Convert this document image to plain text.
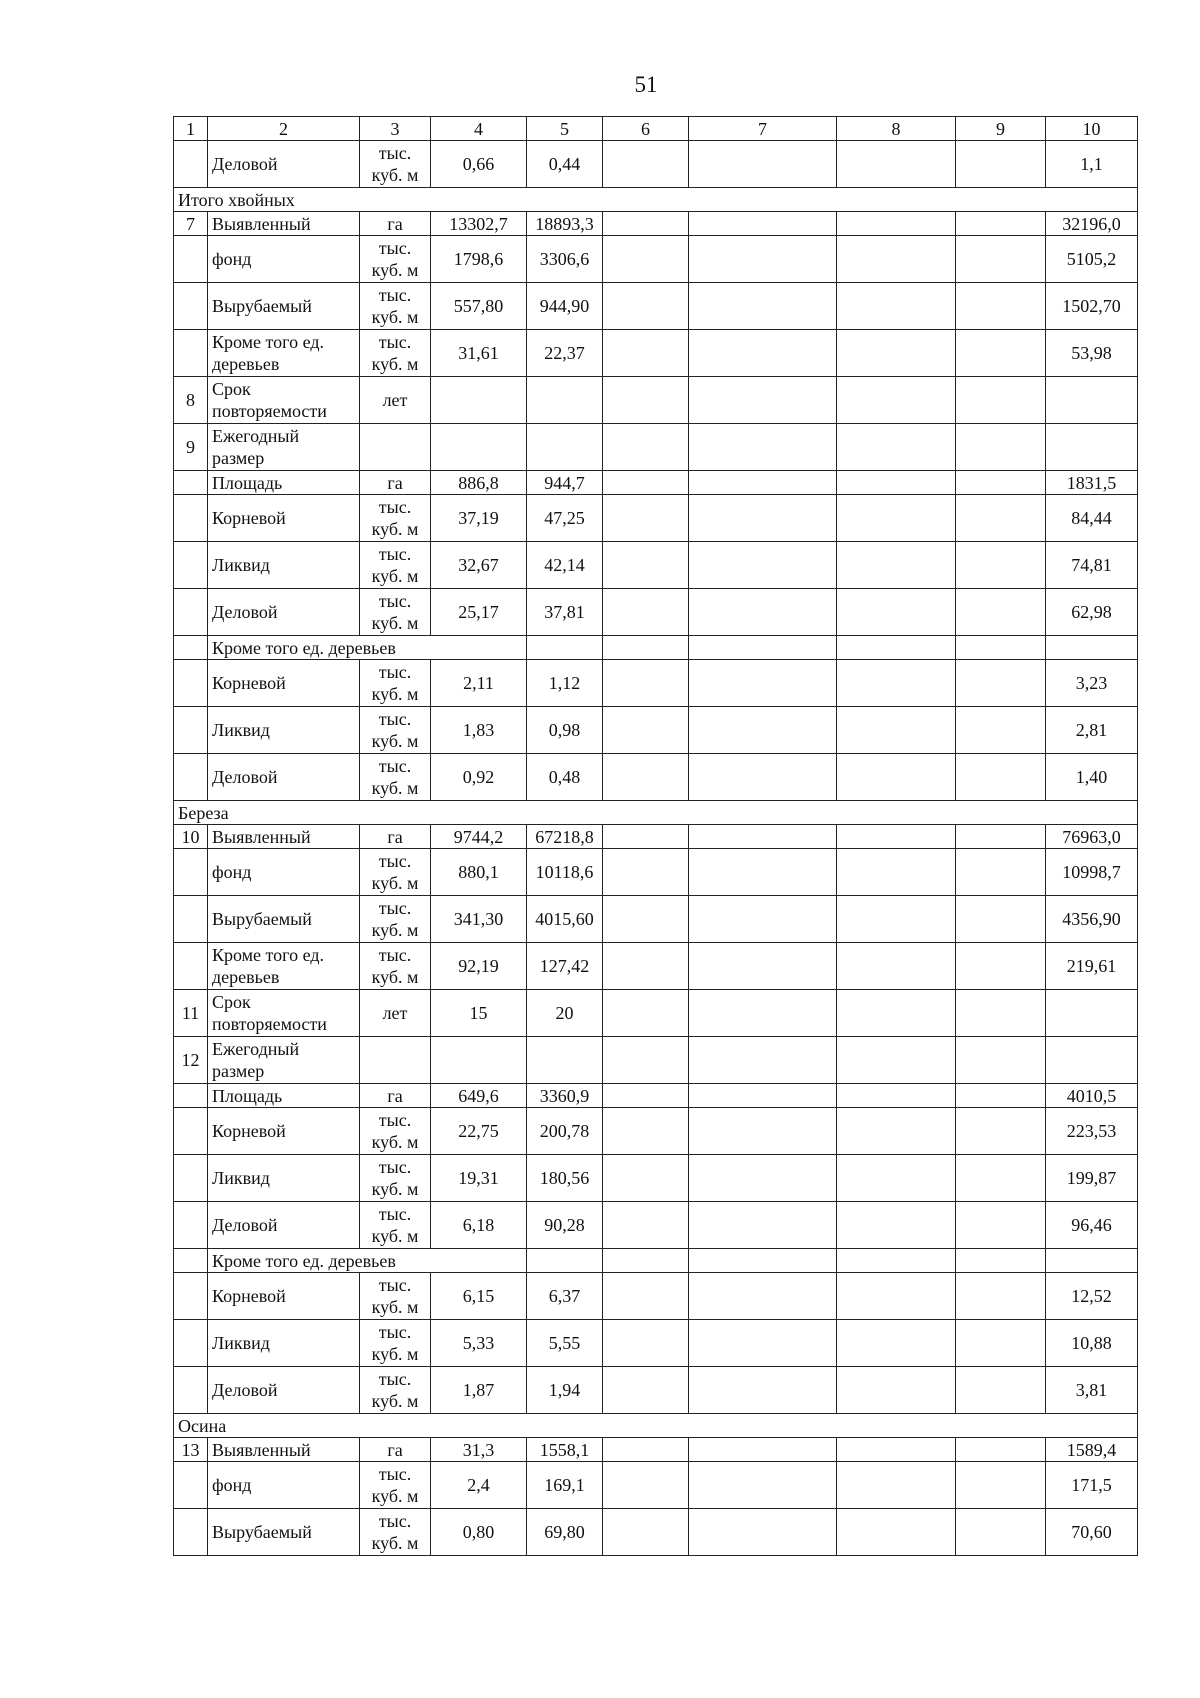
51
1	2	3	4	5	6	7	8	9	10
	Деловой	тыс. куб. м	0,66	0,44					1,1
Итого хвойных									
7	Выявленный	га	13302,7	18893,3					32196,0
	фонд	тыс. куб. м	1798,6	3306,6					5105,2
	Вырубаемый	тыс. куб. м	557,80	944,90					1502,70
	Кроме того ед. деревьев	тыс. куб. м	31,61	22,37					53,98
8	Срок повторяемости	лет							
9	Ежегодный размер								
	Площадь	га	886,8	944,7					1831,5
	Корневой	тыс. куб. м	37,19	47,25					84,44
	Ликвид	тыс. куб. м	32,67	42,14					74,81
	Деловой	тыс. куб. м	25,17	37,81					62,98
	Кроме того ед. деревьев								
	Корневой	тыс. куб. м	2,11	1,12					3,23
	Ликвид	тыс. куб. м	1,83	0,98					2,81
	Деловой	тыс. куб. м	0,92	0,48					1,40
Береза									
10	Выявленный	га	9744,2	67218,8					76963,0
	фонд	тыс. куб. м	880,1	10118,6					10998,7
	Вырубаемый	тыс. куб. м	341,30	4015,60					4356,90
	Кроме того ед. деревьев	тыс. куб. м	92,19	127,42					219,61
11	Срок повторяемости	лет	15	20					
12	Ежегодный размер								
	Площадь	га	649,6	3360,9					4010,5
	Корневой	тыс. куб. м	22,75	200,78					223,53
	Ликвид	тыс. куб. м	19,31	180,56					199,87
	Деловой	тыс. куб. м	6,18	90,28					96,46
	Кроме того ед. деревьев								
	Корневой	тыс. куб. м	6,15	6,37					12,52
	Ликвид	тыс. куб. м	5,33	5,55					10,88
	Деловой	тыс. куб. м	1,87	1,94					3,81
Осина									
13	Выявленный	га	31,3	1558,1					1589,4
	фонд	тыс. куб. м	2,4	169,1					171,5
	Вырубаемый	тыс. куб. м	0,80	69,80					70,60
